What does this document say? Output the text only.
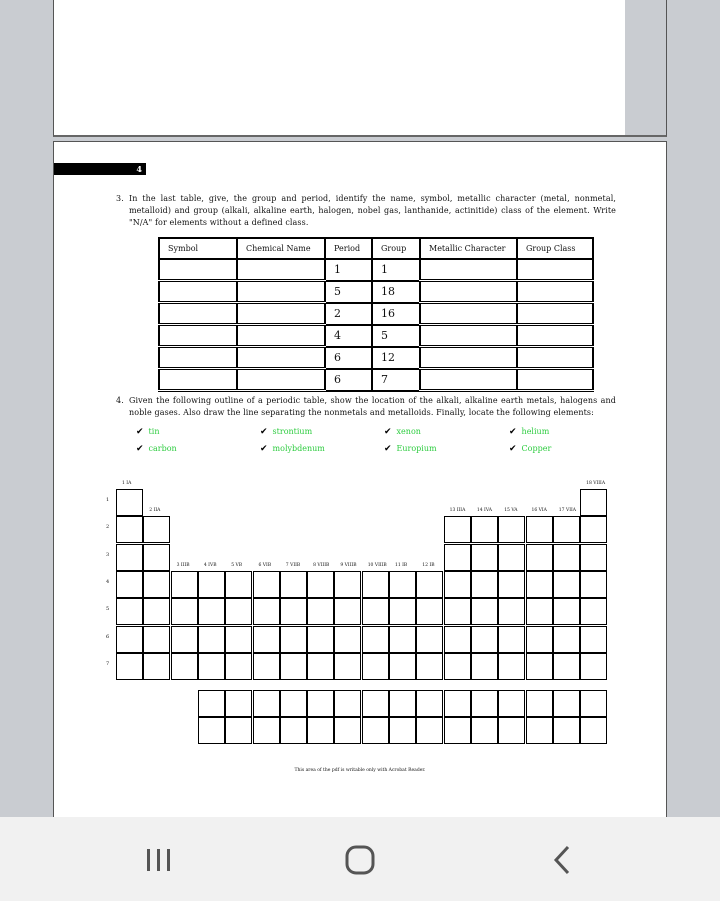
4
3. In the last table, give, the group and period, identify the name, symbol, metallic character (metal, nonmetal, metalloid) and group (alkali, alkaline earth, halogen, nobel gas, lanthanide, actinitide) class of the element. Write "N/A" for elements without a defined class.
Symbol	Chemical Name	Period	Group	Metallic Character	Group Class
		1	1		
		5	18		
		2	16		
		4	5		
		6	12		
		6	7		
4. Given the following outline of a periodic table, show the location of the alkali, alkaline earth metals, halogens and noble gases. Also draw the line separating the nonmetals and metalloids. Finally, locate the following elements:
✔ tin	✔ strontium	✔ xenon	✔ helium
✔ carbon	✔ molybdenum	✔ Europium	✔ Copper
1 IA	18 VIIIA
2 IIA	13 IIIA	14 IVA	15 VA	16 VIA	17 VIIA
3 IIIB	4 IVB	5 VB	6 VIB	7 VIIB	8 VIIIB 9 VIIIB 10 VIIIB 11 IB	12 IB
1
2
3
4
5
6
7
This area of the pdf is writable only with Acrobat Reader.
